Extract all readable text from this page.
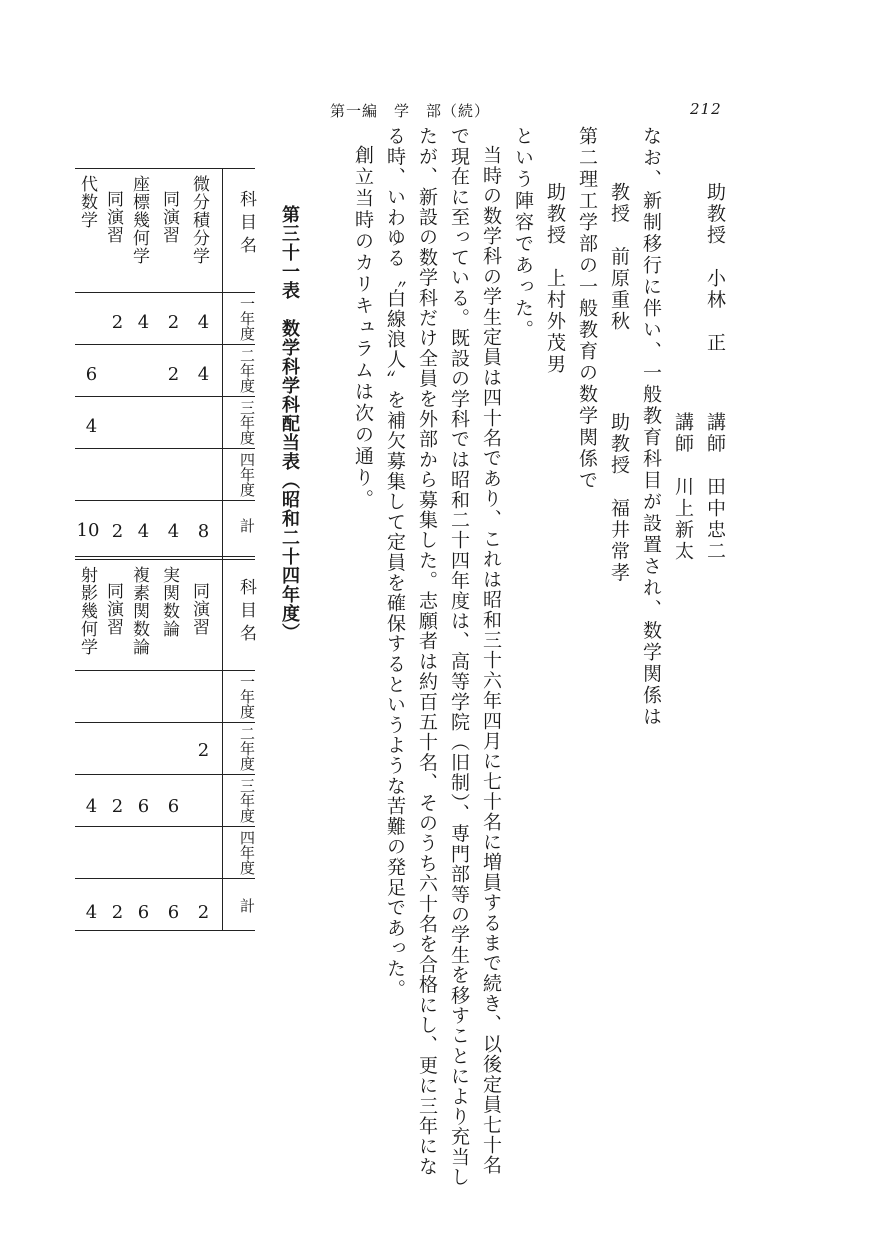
第一編　学　部（続）	212
助教授　小林　正
講師　田中忠二
講師　川上新太
なお、新制移行に伴い、一般教育科目が設置され、数学関係は
教授　前原重秋
助教授　福井常孝
第二理工学部の一般教育の数学関係で
助教授　上村外茂男
という陣容であった。
当時の数学科の学生定員は四十名であり、これは昭和三十六年四月に七十名に増員するまで続き、以後定員七十名
で現在に至っている。既設の学科では昭和二十四年度は、高等学院（旧制）、専門部等の学生を移すことにより充当し
たが、新設の数学科だけ全員を外部から募集した。志願者は約百五十名、そのうち六十名を合格にし、更に三年にな
る時、いわゆる〝白線浪人〟を補欠募集して定員を確保するというような苦難の発足であった。
創立当時のカリキュラムは次の通り。
第三十一表　数学科学科配当表（昭和二十四年度）
科目名
一年度
二年度
三年度
四年度
計
微分積分学
4
4
8
同演習
2
2
4
座標幾何学
4
4
同演習
2
2
代数学
6
4
10
科目名
一年度
二年度
三年度
四年度
計
同演習
2
2
実関数論
6
6
複素関数論
6
6
同演習
2
2
射影幾何学
4
4
